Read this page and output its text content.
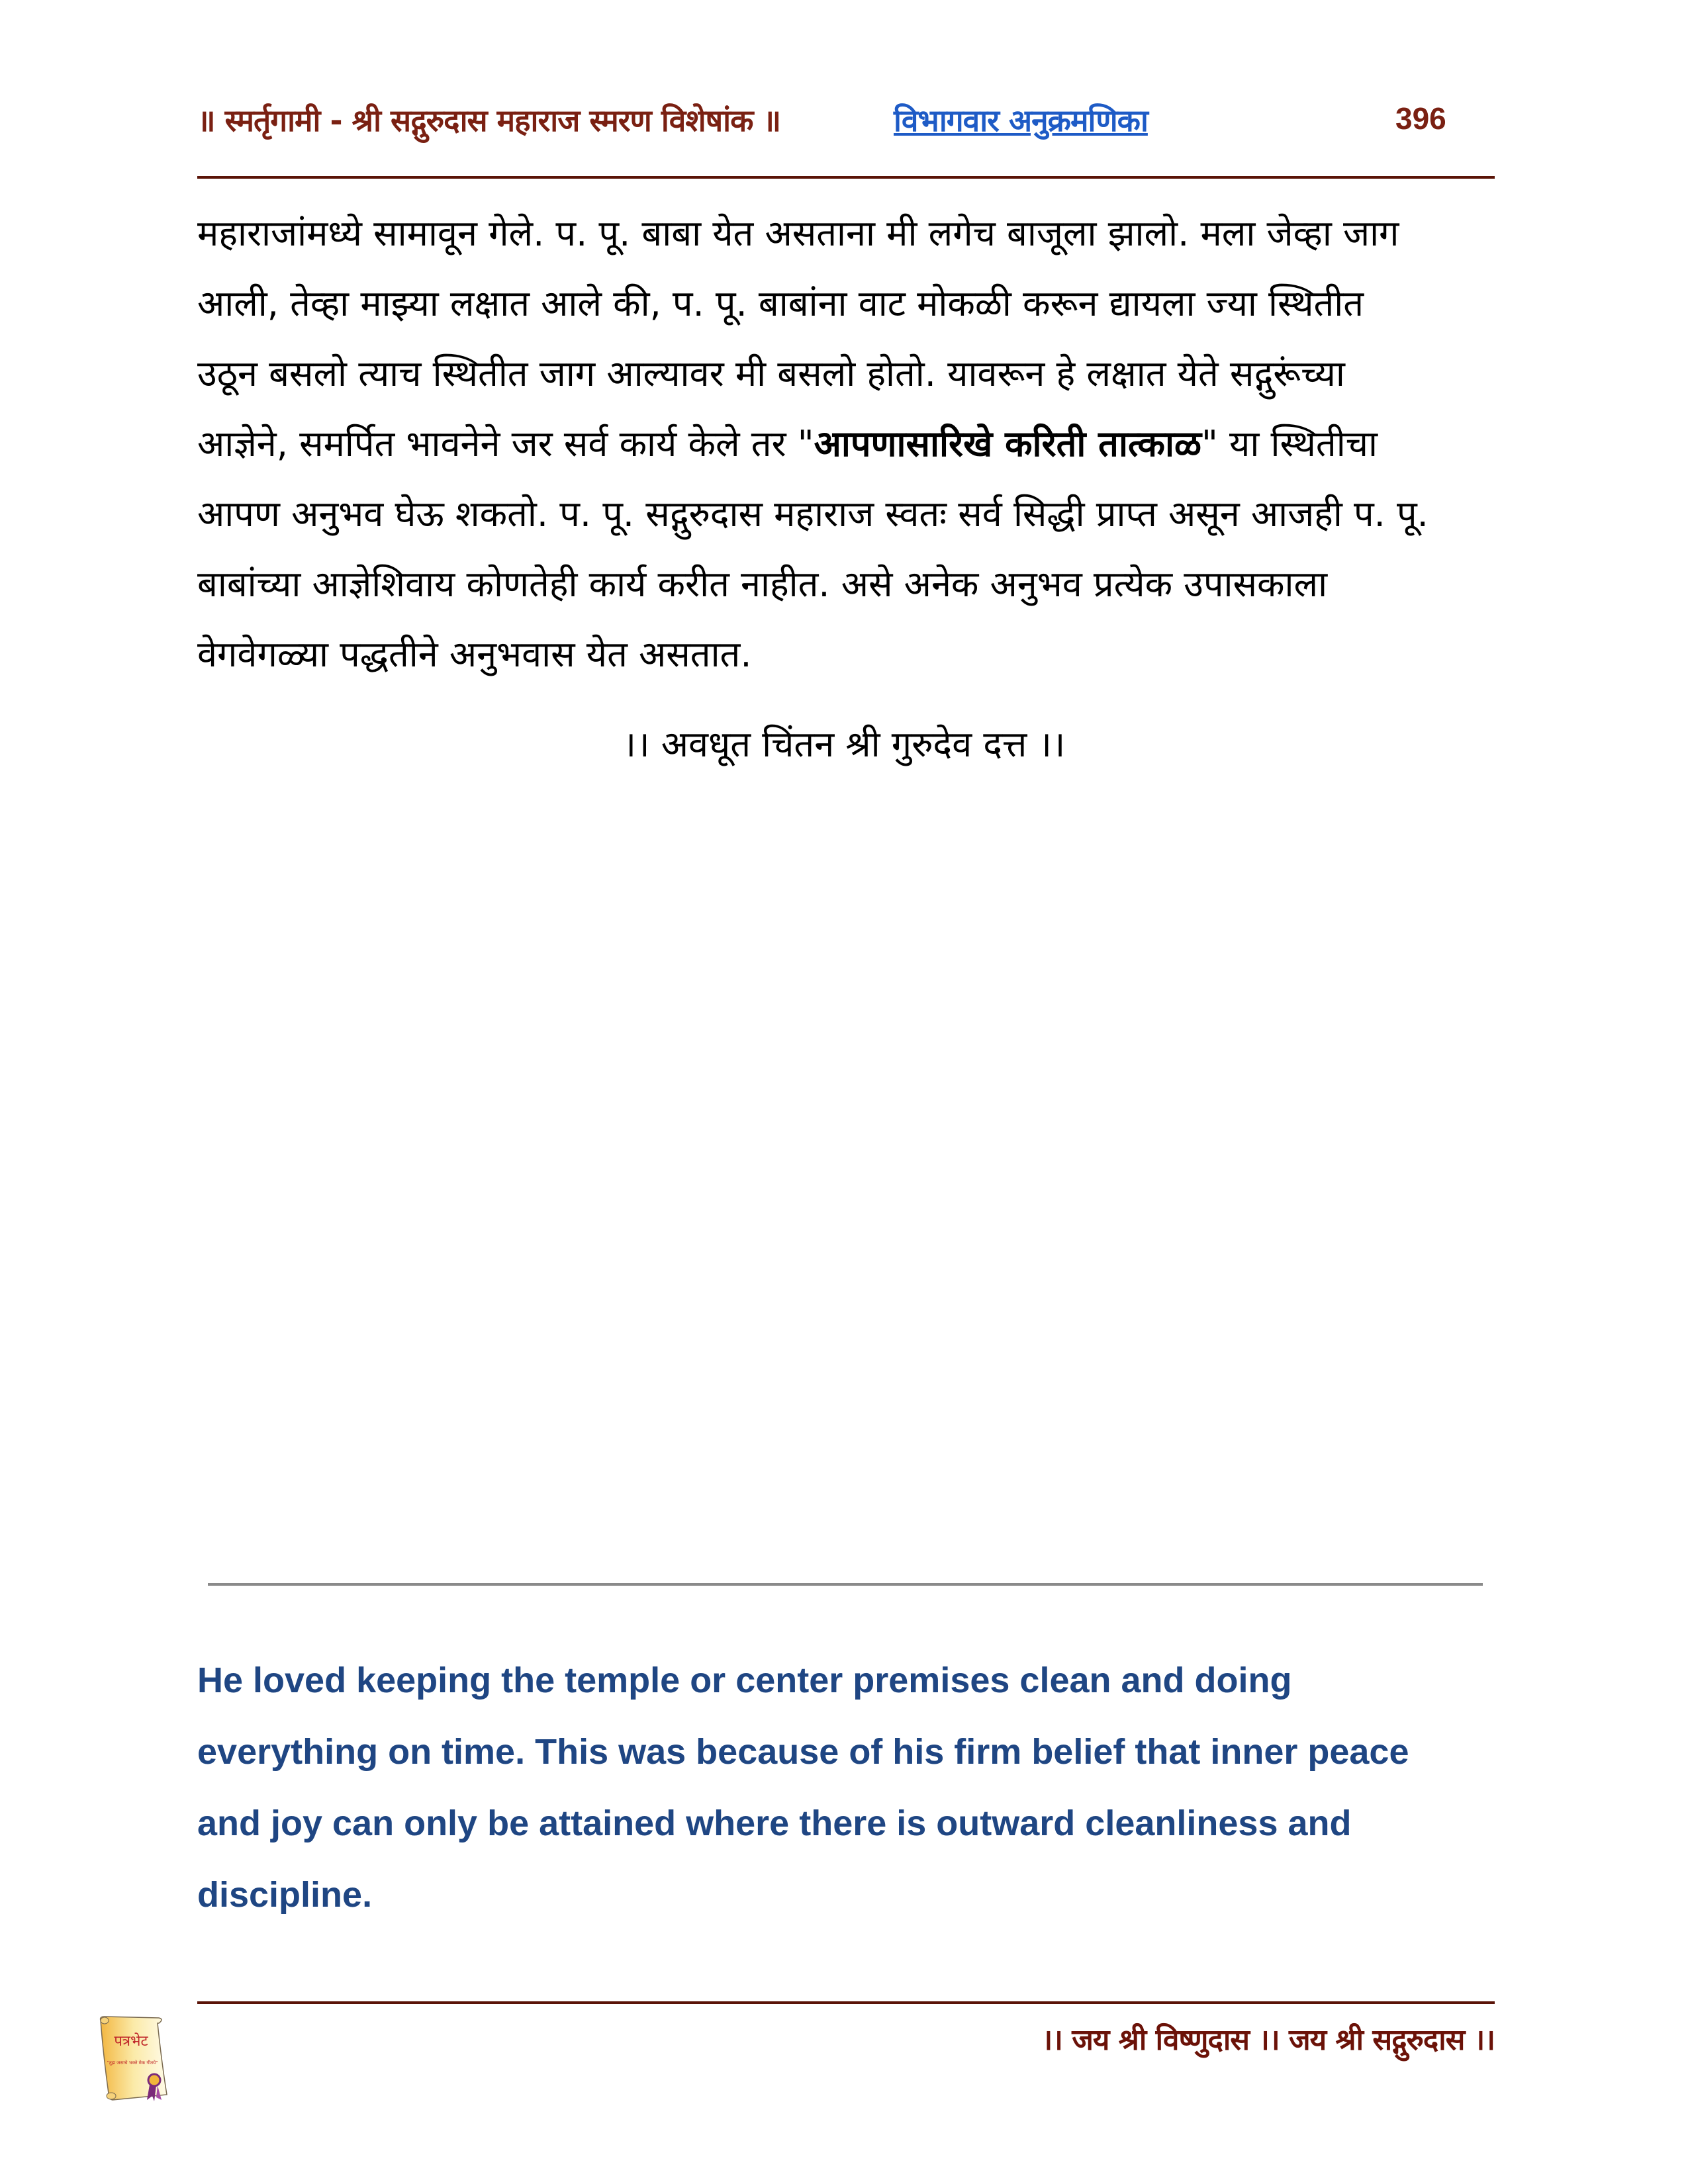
॥ स्मर्तृगामी - श्री सद्गुरुदास महाराज स्मरण विशेषांक ॥	विभागवार अनुक्रमणिका	396
महाराजांमध्ये सामावून गेले. प. पू. बाबा येत असताना मी लगेच बाजूला झालो. मला जेव्हा जाग
आली, तेव्हा माझ्या लक्षात आले की, प. पू. बाबांना वाट मोकळी करून द्यायला ज्या स्थितीत
उठून बसलो त्याच स्थितीत जाग आल्यावर मी बसलो होतो. यावरून हे लक्षात येते सद्गुरूंच्या
आज्ञेने, समर्पित भावनेने जर सर्व कार्य केले तर "आपणासारिखे करिती तात्काळ" या स्थितीचा
आपण अनुभव घेऊ शकतो. प. पू. सद्गुरुदास महाराज स्वतः सर्व सिद्धी प्राप्त असून आजही प. पू.
बाबांच्या आज्ञेशिवाय कोणतेही कार्य करीत नाहीत. असे अनेक अनुभव प्रत्येक उपासकाला
वेगवेगळ्या पद्धतीने अनुभवास येत असतात.
।। अवधूत चिंतन श्री गुरुदेव दत्त ।।
He loved keeping the temple or center premises clean and doing
everything on time. This was because of his firm belief that inner peace
and joy can only be attained where there is outward cleanliness and
discipline.
पत्रभेट
"तुझ जसाचे भक्ते मेक गीतये"
।। जय श्री विष्णुदास ।। जय श्री सद्गुरुदास ।।
